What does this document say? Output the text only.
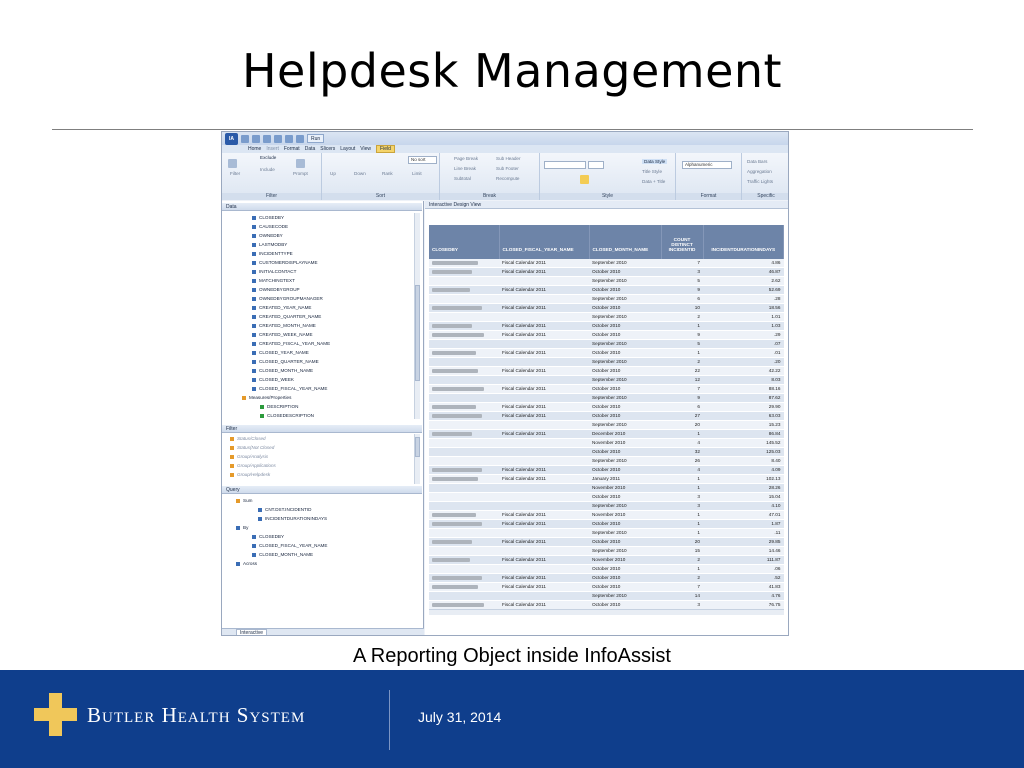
Helpdesk Management
IA	Run
Home Insert Format Data Slicers Layout View	Field
Filter
Exclude
Include
Prompt
Filter
Up	Down	Rank	Limit
No sort
Sort
Page Break
Line Break
Subtotal
Sub Header
Sub Footer
Recompute
Break
Data Style
Title Style
Data + Title
Style
Alphanumeric
Format
Data Bars
Aggregation
Traffic Lights
Specific
Data
CLOSEDBY
CAUSECODE
OWNEDBY
LASTMODBY
INCIDENTTYPE
CUSTOMERDISPLAYNAME
INITIALCONTACT
MATCHINGTEXT
OWNEDBYGROUP
OWNEDBYGROUPMANAGER
CREATED_YEAR_NAME
CREATED_QUARTER_NAME
CREATED_MONTH_NAME
CREATED_WEEK_NAME
CREATED_FISCAL_YEAR_NAME
CLOSED_YEAR_NAME
CLOSED_QUARTER_NAME
CLOSED_MONTH_NAME
CLOSED_WEEK
CLOSED_FISCAL_YEAR_NAME
Measures/Properties
DESCRIPTION
CLOSEDESCRIPTION
Filter
Status/Closed
Status(Not Closed
Group/Analysis
Group/Applications
Group/Helpdesk
Query
Sum
CNT.DST.INCIDENTID
INCIDENTDURATIONINDAYS
By
CLOSEDBY
CLOSED_FISCAL_YEAR_NAME
CLOSED_MONTH_NAME
Across
Interactive
Interactive Design View
CLOSEDBY	CLOSED_FISCAL_YEAR_NAME	CLOSED_MONTH_NAME	COUNT DISTINCT INCIDENTID	INCIDENTDURATIONINDAYS
	Fiscal Calendar 2011	September 2010	7	4.86
	Fiscal Calendar 2011	October 2010	3	46.87
		September 2010	5	2.62
	Fiscal Calendar 2011	October 2010	9	52.69
		September 2010	6	.28
	Fiscal Calendar 2011	October 2010	10	18.56
		September 2010	2	1.01
	Fiscal Calendar 2011	October 2010	1	1.03
	Fiscal Calendar 2011	October 2010	9	.29
		September 2010	5	.07
	Fiscal Calendar 2011	October 2010	1	.01
		September 2010	2	.20
	Fiscal Calendar 2011	October 2010	22	42.22
		September 2010	12	8.03
	Fiscal Calendar 2011	October 2010	7	88.16
		September 2010	9	87.62
	Fiscal Calendar 2011	October 2010	6	29.90
	Fiscal Calendar 2011	October 2010	27	63.03
		September 2010	20	15.23
	Fiscal Calendar 2011	December 2010	1	86.84
		November 2010	4	145.52
		October 2010	32	125.03
		September 2010	26	8.40
	Fiscal Calendar 2011	October 2010	4	4.09
	Fiscal Calendar 2011	January 2011	1	102.13
		November 2010	1	28.26
		October 2010	3	15.04
		September 2010	3	4.10
	Fiscal Calendar 2011	November 2010	1	47.01
	Fiscal Calendar 2011	October 2010	1	1.87
		September 2010	1	.11
	Fiscal Calendar 2011	October 2010	20	29.85
		September 2010	15	14.46
	Fiscal Calendar 2011	November 2010	2	111.87
		October 2010	1	.06
	Fiscal Calendar 2011	October 2010	2	.52
	Fiscal Calendar 2011	October 2010	7	41.83
		September 2010	14	4.76
	Fiscal Calendar 2011	October 2010	3	76.75
A Reporting Object inside InfoAssist
Butler Health System	July 31, 2014
